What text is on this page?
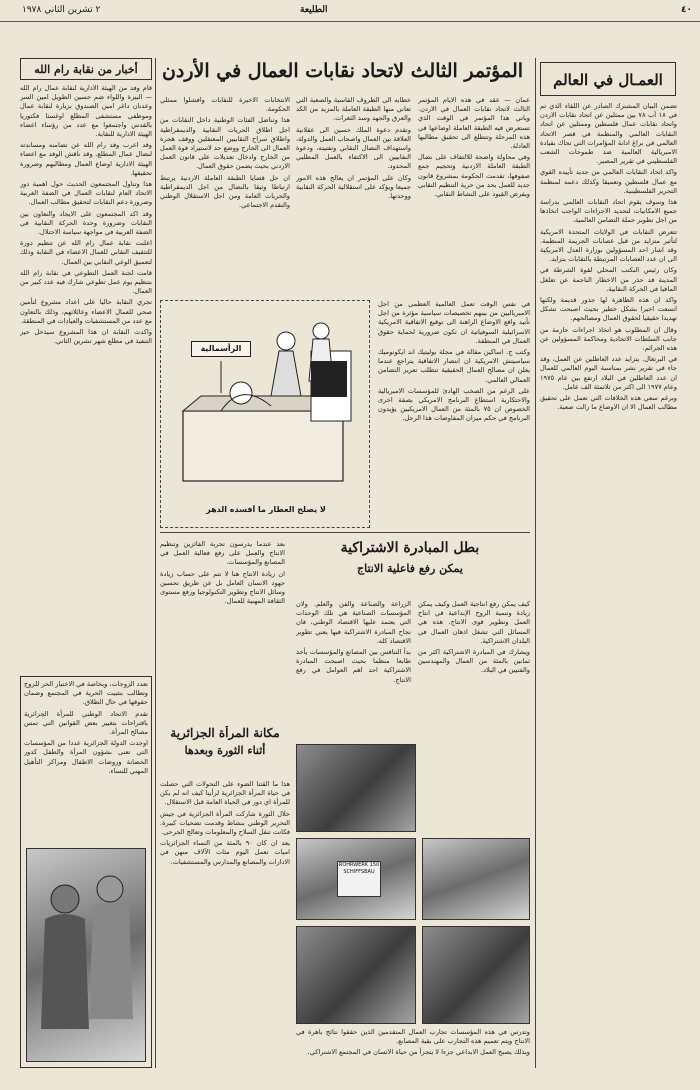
٤٠
الطليعة
٢ تشرين الثاني ١٩٧٨
العمـال في العالم

تضمن البيان المشترك الصادر عن اللقاء الذي تم في ١٨ آب ٧٨ بين ممثلين عن اتحاد نقابات الاردن واتحاد نقابات عمال فلسطين وممثلين عن اتحاد النقابات العالمي والمنظمة في قصر الاتحاد العالمي في براغ ادانة المؤامرات التي تحاك بقيادة الامبريالية العالمية ضد طموحات الشعب الفلسطيني في تقرير المصير.

واكد اتحاد النقابات العالمي من جديد تأييده القوي مع عمال فلسطين وتعميقا وكذلك دعمه لمنظمة التحرير الفلسطينية.

هذا وسوف يقوم اتحاد النقابات العالمي بدراسة جميع الامكانيات لتحديد الاجراءات الواجب اتخاذها من اجل تطوير حملة التضامن العالمية.

تتعرض النقابات في الولايات المتحدة الامريكية لتأثير متزايد من قبل عصابات الجريمة المنظمة. وقد اشار احد المسؤولين بوزارة العدل الامريكية الى ان عدد العصابات المرتبطة بالنقابات يتزايد.

وكان رئيس النكتب المحلي لقوة الشرطة في المدينة قد حذر من الاخطار الناجمة عن تغلغل المافيا في الحركة النقابية.

واكد ان هذه الظاهرة لها جذور قديمة ولكنها اتسعت اخيرا بشكل خطير بحيث اصبحت تشكل تهديدا حقيقيا لحقوق العمال ومصالحهم.

وقال ان المطلوب هو اتخاذ اجراءات حازمة من جانب السلطات الاتحادية ومحاكمة المسؤولين عن هذه الجرائم.

في البرتغال. يتزايد عدد العاطلين عن العمل، وقد جاء في تقرير نشر بمناسبة اليوم العالمي للعمال ان عدد العاطلين في البلاد ارتفع بين عام ١٩٧٥ وعام ١٩٧٧ الى اكثر من ثلاثمئة الف عامل.

وبرغم سعي هذه الخلافات التي تعمل على تحقيق مطالب العمال الا ان الاوضاع ما زالت صعبة.

المؤتمر الثالث لاتحاد نقابات العمال في الأردن

عمان — عقد في هذه الايام المؤتمر الثالث لاتحاد نقابات العمال في الاردن. وياتي هذا المؤتمر في الوقت الذي تستعرض فيه الطبقة العاملة اوضاعها في هذه المرحلة وتتطلع الى تحقيق مطالبها العادلة.

وفي محاولة واضحة للالتفاف على نضال الطبقة العاملة الاردنية وتحجيم جمع صفوفها، تقدمت الحكومة بمشروع قانون جديد للعمل يحد من حرية التنظيم النقابي ويفرض القيود على النشاط النقابي.

خطابه الى الظروف القاسية والصعبة التي تعاني منها الطبقة العاملة بالمزيد من الكد والعرق والجهد وسد الثغرات.

وتقدم دعوة الملك حسين الى عقلانية العلاقة بين العمال واصحاب العمل والدولة، واستهداف النضال النقابي وتفتيته، ودعوة النقابيين الى الاكتفاء بالعمل المطلبي المحدود.

وكان على المؤتمر ان يعالج هذه الامور جميعا ويؤكد على استقلالية الحركة النقابية ووحدتها.

الانتخابات الاخيرة للنقابات وافشلوا ممثلي الحكومة.

هذا وتناضل الفئات الوطنية داخل النقابات من اجل اطلاق الحريات النقابية والديمقراطية واطلاق سراح النقابيين المعتقلين ووقف هجرة العمال الى الخارج ووضع حد لاستيراد قوة العمل من الخارج وادخال تعديلات على قانون العمل الاردني بحيث يضمن حقوق العمال.

ان حل قضايا الطبقة العاملة الاردنية يرتبط ارتباطا وثيقا بالنضال من اجل الديمقراطية والحريات العامة ومن اجل الاستقلال الوطني والتقدم الاجتماعي.

أخبار من نقابة رام الله

قام وفد من الهيئة الادارية لنقابة عمال رام الله — البيرة واللواء ضم حسين الطويل امين السر وعدنان داغر امين الصندوق بزيارة لنقابة عمال وموظفي مستشفى المطلع اوغستا فكتوريا بالقدس واجتمعوا مع عدد من رؤساء اعضاء الهيئة الادارية للنقابة.

وقد اعرب وفد رام الله عن تضامنه ومساندته لنضال عمال المطلع. وقد ناقش الوفد مع اعضاء الهيئة الادارية اوضاع العمال ومطالبهم وضرورة تحقيقها.

هذا وتناول المجتمعون الحديث حول اهمية دور الاتحاد العام لنقابات العمال في الضفة الغربية وضرورة دعم النقابات لتحقيق مطالب العمال.

وقد اكد المجتمعون على الايجاد والتعاون بين النقابات وضرورة وحدة الحركة النقابية في الضفة الغربية في مواجهة سياسة الاحتلال.

اعلنت نقابة عمال رام الله عن تنظيم دورة للتثقيف النقابي للعمال الاعضاء في النقابة وذلك لتعميق الوعي النقابي بين العمال.

قامت لجنة العمل التطوعي في نقابة رام الله بتنظيم يوم عمل تطوعي شارك فيه عدد كبير من العمال.

تجري النقابة حاليا على اعداد مشروع لتأمين صحي للعمال الاعضاء وعائلاتهم، وذلك بالتعاون مع عدد من المستشفيات والعيادات في المنطقة.

واكدت النقابة ان هذا المشروع سيدخل حيز التنفيذ في مطلع شهر تشرين الثاني.

الرأسمالية
لا يصلح العطار ما أفسده الدهر

في نفس الوقت تعمل العالمية العظمى من اجل الامبرياليين من بينهم تخصيصات سياسية مؤثرة من اجل تأبيد واقع الاوضاع الراهنة الى توقيع الاتفاقية الامريكية الاسرائيلية السوفياتية ان تكون ضرورية لحماية حقوق العمال في المنطقة.

وكتب ج. اساكين مقالة في مجلة بوليتيك اند ايكونوميك سياسيتش الامريكية ان انتصار الاتفاقية يتراجع عندما يعلن ان مصالح العمال الحقيقية تتطلب تعزيز التضامن العمالي العالمي.

على الرغم من الصخب الهادئ للمؤسسات الامبريالية والاحتكارية استطاع البرنامج الامريكي بصفة اخرى الخصوص ان ٧٥ بالمئة من العمال الامريكيين يؤيدون البرنامج في حكم ميزان المفاوضات هذا الرجل.

بطل المبادرة الاشتراكية
يمكن رفع فاعلية الانتاج

بعد عندما يدرسون تجربة الفائزين وتنظيم الانتاج والعمل على رفع فعالية العمل في المصانع والمؤسسات.

ان زيادة الانتاج هنا لا تتم على حساب زيادة جهود الانسان العامل بل عن طريق تحسين وسائل الانتاج وتطوير التكنولوجيا ورفع مستوى الثقافة المهنية للعمال.	كيف يمكن رفع انتاجية العمل وكيف يمكن زيادة وتنمية الروح الإبداعية في انتاج العمل وتطوير قوى الانتاج. هذه هي المسائل التي تشغل اذهان العمال في البلدان الاشتراكية.

ويشارك في المبادرة الاشتراكية اكثر من ثمانين بالمئة من العمال والمهندسين والفنيين في البلاد.

الزراعة والصناعة والفن والعلم. ولان المؤسسات الصناعية هي تلك الوحدات التي يعتمد عليها الاقتصاد الوطني، فان نجاح المبادرة الاشتراكية فيها يعني تطوير الاقتصاد كله.

بدأ التنافس بين المصانع والمؤسسات يأخذ طابعا منظما بحيث اصبحت المبادرة الاشتراكية احد اهم العوامل في رفع الانتاج.

150 ROHRWERK SCHIFFSBAU

وتدرس في هذه المؤسسات تجارب العمال المتقدمين الذين حققوا نتائج باهرة في الانتاج ويتم تعميم هذه التجارب على بقية المصانع.

وبذلك يصبح العمل الابداعي جزءا لا يتجزأ من حياة الانسان في المجتمع الاشتراكي.

مكانة المرأة الجزائرية
أثناء الثورة وبعدها

هذا ما القتنا الضوء على التحولات التي حصلت في حياة المرأة الجزائرية لرأينا كيف انه لم يكن للمرأة اي دور في الحياة العامة قبل الاستقلال.

خلال الثورة شاركت المرأة الجزائرية في جيش التحرير الوطني بنشاط وقدمت تضحيات كبيرة. فكانت تنقل السلاح والمعلومات وتعالج الجرحى.

يعد ان كان ٩٠ بالمئة من النساء الجزائريات اميات تعمل اليوم مئات الآلاف منهن في الادارات والمصانع والمدارس والمستشفيات.

تعدد الزوجات، وبخاصة في الاختيار الحر للزوج وتطالب بتثبيت الحرية في المجتمع وضمان حقوقها في حال الطلاق.

تقدم الاتحاد الوطني للمرأة الجزائرية باقتراحات بتغيير بعض القوانين التي تمس مصالح المرأة.

اوجدت الدولة الجزائرية عددا من المؤسسات التي تعنى بشؤون المرأة والطفل كدور الحضانة وروضات الاطفال ومراكز التأهيل المهني للنساء.
